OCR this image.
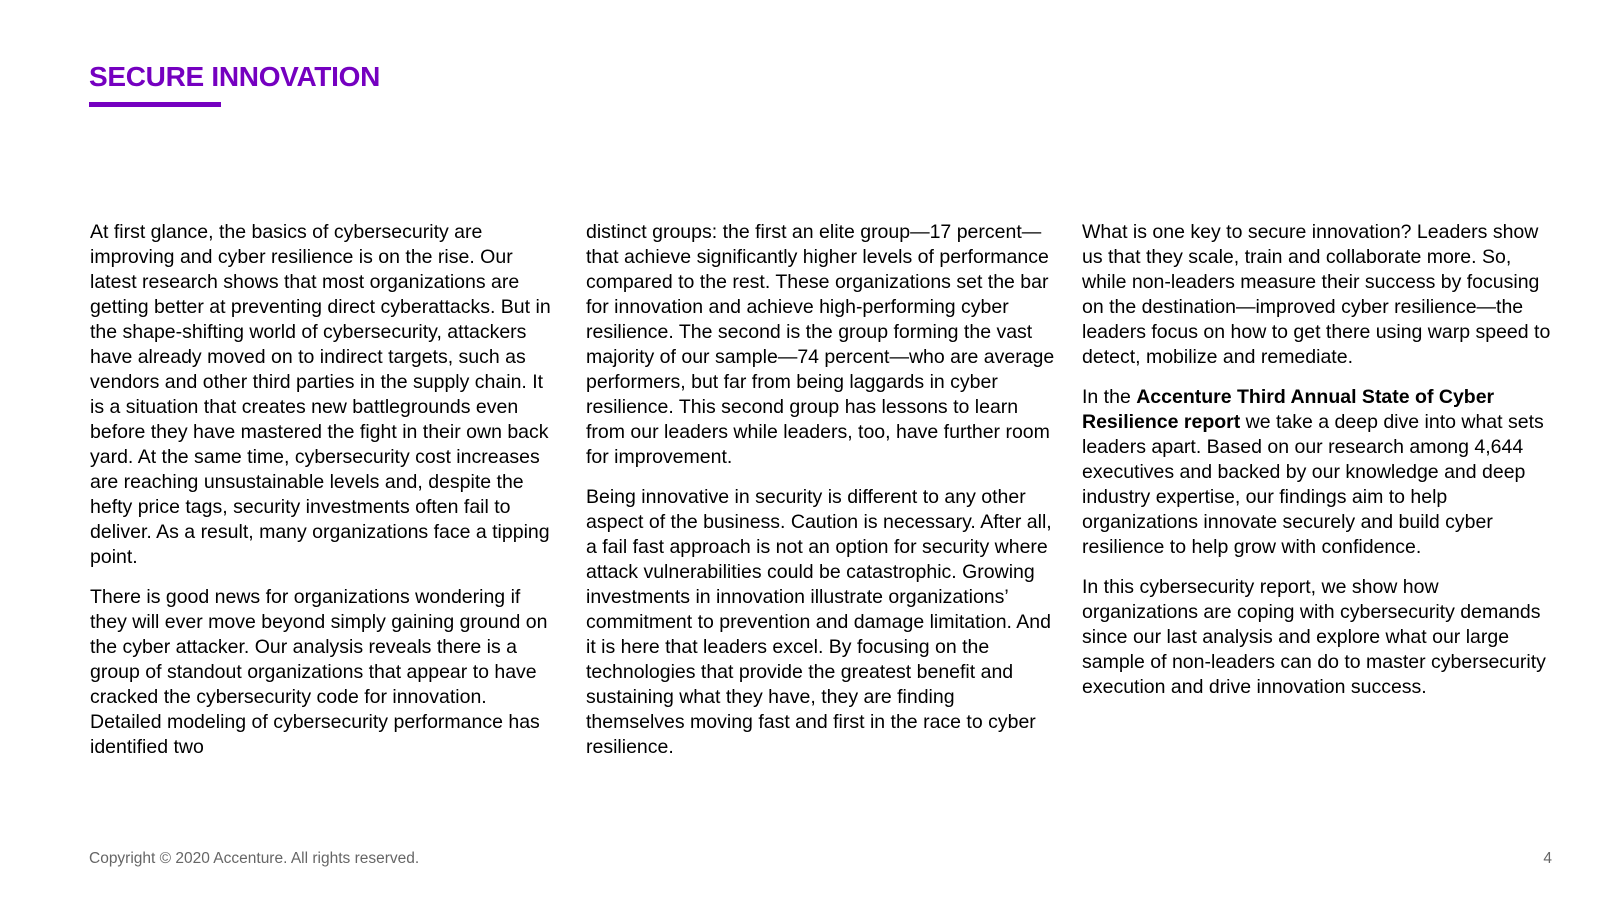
SECURE INNOVATION

At first glance, the basics of cybersecurity are improving and cyber resilience is on the rise. Our latest research shows that most organizations are getting better at preventing direct cyberattacks. But in the shape-shifting world of cybersecurity, attackers have already moved on to indirect targets, such as vendors and other third parties in the supply chain. It is a situation that creates new battlegrounds even before they have mastered the fight in their own back yard. At the same time, cybersecurity cost increases are reaching unsustainable levels and, despite the hefty price tags, security investments often fail to deliver. As a result, many organizations face a tipping point.

There is good news for organizations wondering if they will ever move beyond simply gaining ground on the cyber attacker. Our analysis reveals there is a group of standout organizations that appear to have cracked the cybersecurity code for innovation. Detailed modeling of cybersecurity performance has identified two

distinct groups: the first an elite group—17 percent—that achieve significantly higher levels of performance compared to the rest. These organizations set the bar for innovation and achieve high-performing cyber resilience. The second is the group forming the vast majority of our sample—74 percent—who are average performers, but far from being laggards in cyber resilience. This second group has lessons to learn from our leaders while leaders, too, have further room for improvement.

Being innovative in security is different to any other aspect of the business. Caution is necessary. After all, a fail fast approach is not an option for security where attack vulnerabilities could be catastrophic. Growing investments in innovation illustrate organizations’ commitment to prevention and damage limitation. And it is here that leaders excel. By focusing on the technologies that provide the greatest benefit and sustaining what they have, they are finding themselves moving fast and first in the race to cyber resilience.

What is one key to secure innovation? Leaders show us that they scale, train and collaborate more. So, while non-leaders measure their success by focusing on the destination—improved cyber resilience—the leaders focus on how to get there using warp speed to detect, mobilize and remediate.

In the Accenture Third Annual State of Cyber Resilience report we take a deep dive into what sets leaders apart. Based on our research among 4,644 executives and backed by our knowledge and deep industry expertise, our findings aim to help organizations innovate securely and build cyber resilience to help grow with confidence.

In this cybersecurity report, we show how organizations are coping with cybersecurity demands since our last analysis and explore what our large sample of non-leaders can do to master cybersecurity execution and drive innovation success.

Copyright © 2020 Accenture. All rights reserved.	4
